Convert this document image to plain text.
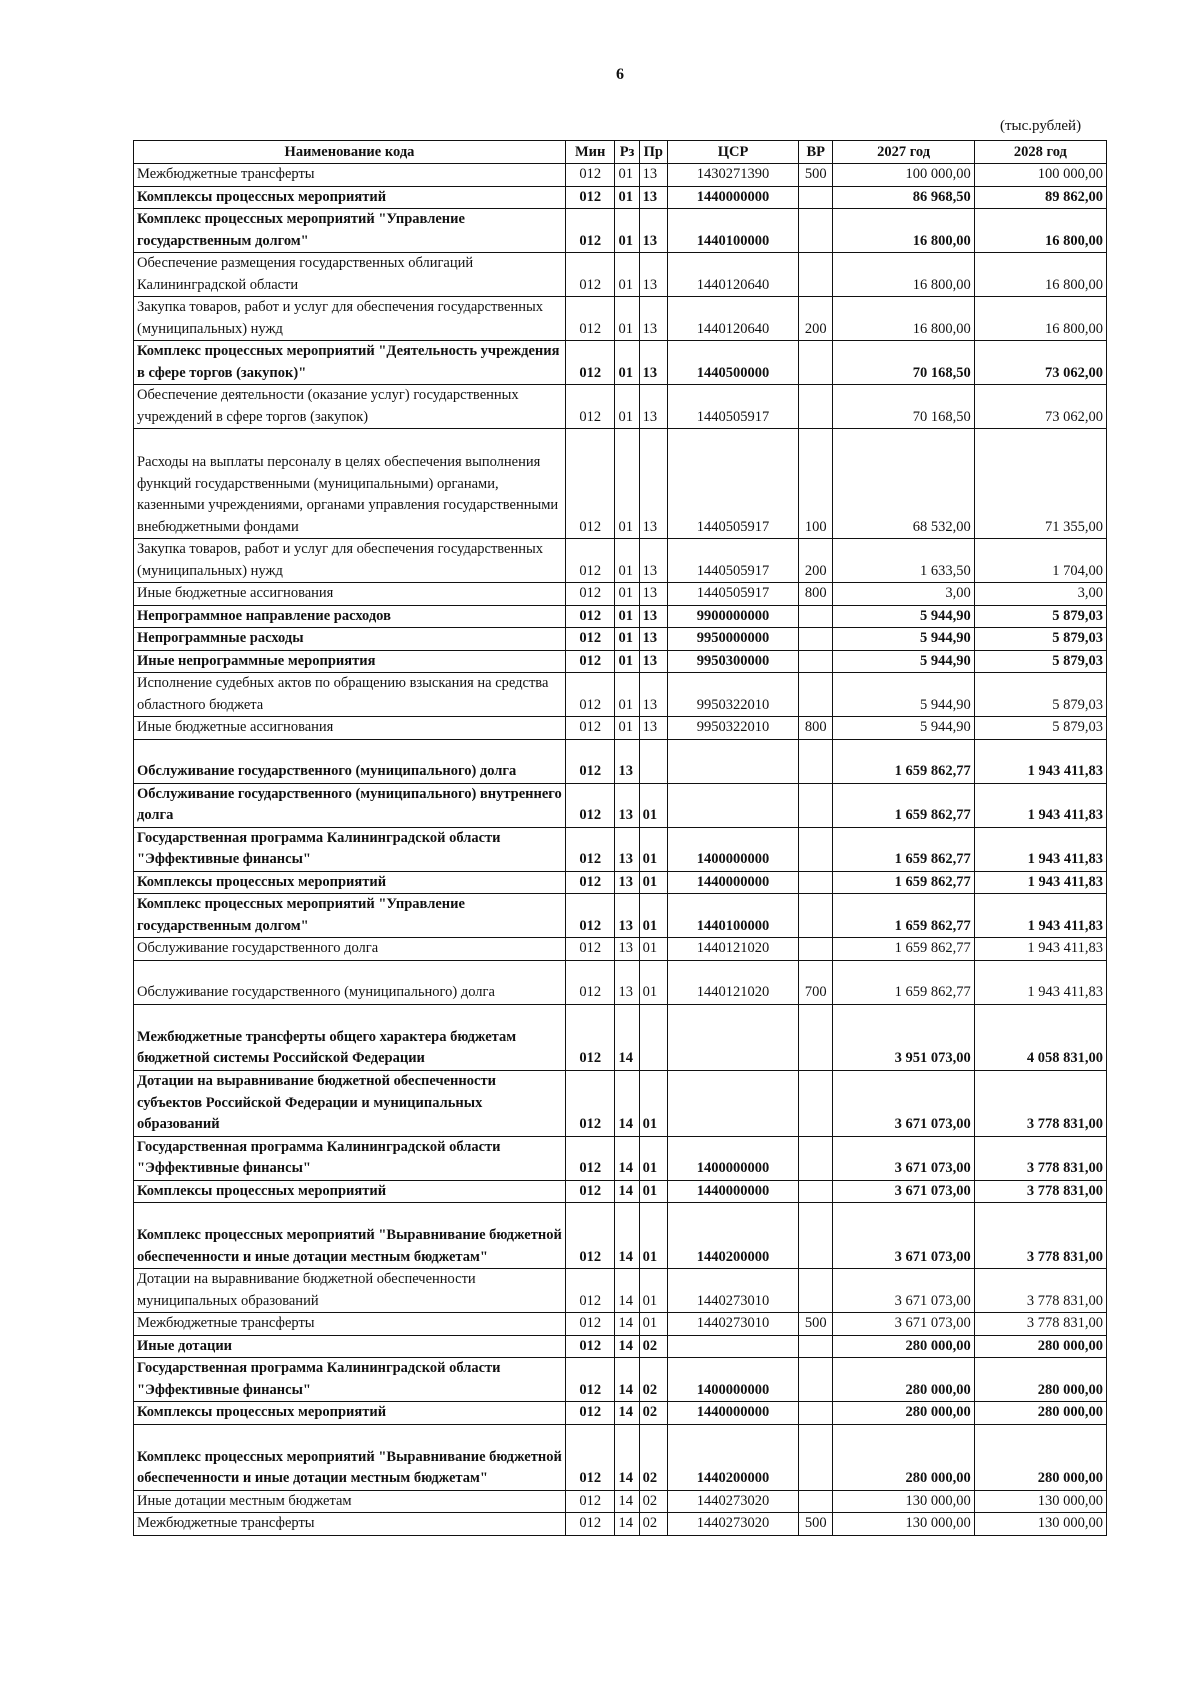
6
(тыс.рублей)
Наименование кода	Мин	Рз	Пр	ЦСР	ВР	2027 год	2028 год
Межбюджетные трансферты	012	01	13	1430271390	500	100 000,00	100 000,00
Комплексы процессных мероприятий	012	01	13	1440000000		86 968,50	89 862,00
Комплекс процессных мероприятий "Управление государственным долгом"	012	01	13	1440100000		16 800,00	16 800,00
Обеспечение размещения государственных облигаций Калининградской области	012	01	13	1440120640		16 800,00	16 800,00
Закупка товаров, работ и услуг для обеспечения государственных (муниципальных) нужд	012	01	13	1440120640	200	16 800,00	16 800,00
Комплекс процессных мероприятий "Деятельность учреждения в сфере торгов (закупок)"	012	01	13	1440500000		70 168,50	73 062,00
Обеспечение деятельности (оказание услуг) государственных учреждений в сфере торгов (закупок)	012	01	13	1440505917		70 168,50	73 062,00
Расходы на выплаты персоналу в целях обеспечения выполнения функций государственными (муниципальными) органами, казенными учреждениями, органами управления государственными внебюджетными фондами	012	01	13	1440505917	100	68 532,00	71 355,00
Закупка товаров, работ и услуг для обеспечения государственных (муниципальных) нужд	012	01	13	1440505917	200	1 633,50	1 704,00
Иные бюджетные ассигнования	012	01	13	1440505917	800	3,00	3,00
Непрограммное направление расходов	012	01	13	9900000000		5 944,90	5 879,03
Непрограммные расходы	012	01	13	9950000000		5 944,90	5 879,03
Иные непрограммные мероприятия	012	01	13	9950300000		5 944,90	5 879,03
Исполнение судебных актов по обращению взыскания на средства областного бюджета	012	01	13	9950322010		5 944,90	5 879,03
Иные бюджетные ассигнования	012	01	13	9950322010	800	5 944,90	5 879,03
Обслуживание государственного (муниципального) долга	012	13				1 659 862,77	1 943 411,83
Обслуживание государственного (муниципального) внутреннего долга	012	13	01			1 659 862,77	1 943 411,83
Государственная программа Калининградской области "Эффективные финансы"	012	13	01	1400000000		1 659 862,77	1 943 411,83
Комплексы процессных мероприятий	012	13	01	1440000000		1 659 862,77	1 943 411,83
Комплекс процессных мероприятий "Управление государственным долгом"	012	13	01	1440100000		1 659 862,77	1 943 411,83
Обслуживание государственного долга	012	13	01	1440121020		1 659 862,77	1 943 411,83
Обслуживание государственного (муниципального) долга	012	13	01	1440121020	700	1 659 862,77	1 943 411,83
Межбюджетные трансферты общего характера бюджетам бюджетной системы Российской Федерации	012	14				3 951 073,00	4 058 831,00
Дотации на выравнивание бюджетной обеспеченности субъектов Российской Федерации и муниципальных образований	012	14	01			3 671 073,00	3 778 831,00
Государственная программа Калининградской области "Эффективные финансы"	012	14	01	1400000000		3 671 073,00	3 778 831,00
Комплексы процессных мероприятий	012	14	01	1440000000		3 671 073,00	3 778 831,00
Комплекс процессных мероприятий "Выравнивание бюджетной обеспеченности и иные дотации местным бюджетам"	012	14	01	1440200000		3 671 073,00	3 778 831,00
Дотации на выравнивание бюджетной обеспеченности муниципальных образований	012	14	01	1440273010		3 671 073,00	3 778 831,00
Межбюджетные трансферты	012	14	01	1440273010	500	3 671 073,00	3 778 831,00
Иные дотации	012	14	02			280 000,00	280 000,00
Государственная программа Калининградской области "Эффективные финансы"	012	14	02	1400000000		280 000,00	280 000,00
Комплексы процессных мероприятий	012	14	02	1440000000		280 000,00	280 000,00
Комплекс процессных мероприятий "Выравнивание бюджетной обеспеченности и иные дотации местным бюджетам"	012	14	02	1440200000		280 000,00	280 000,00
Иные дотации местным бюджетам	012	14	02	1440273020		130 000,00	130 000,00
Межбюджетные трансферты	012	14	02	1440273020	500	130 000,00	130 000,00
